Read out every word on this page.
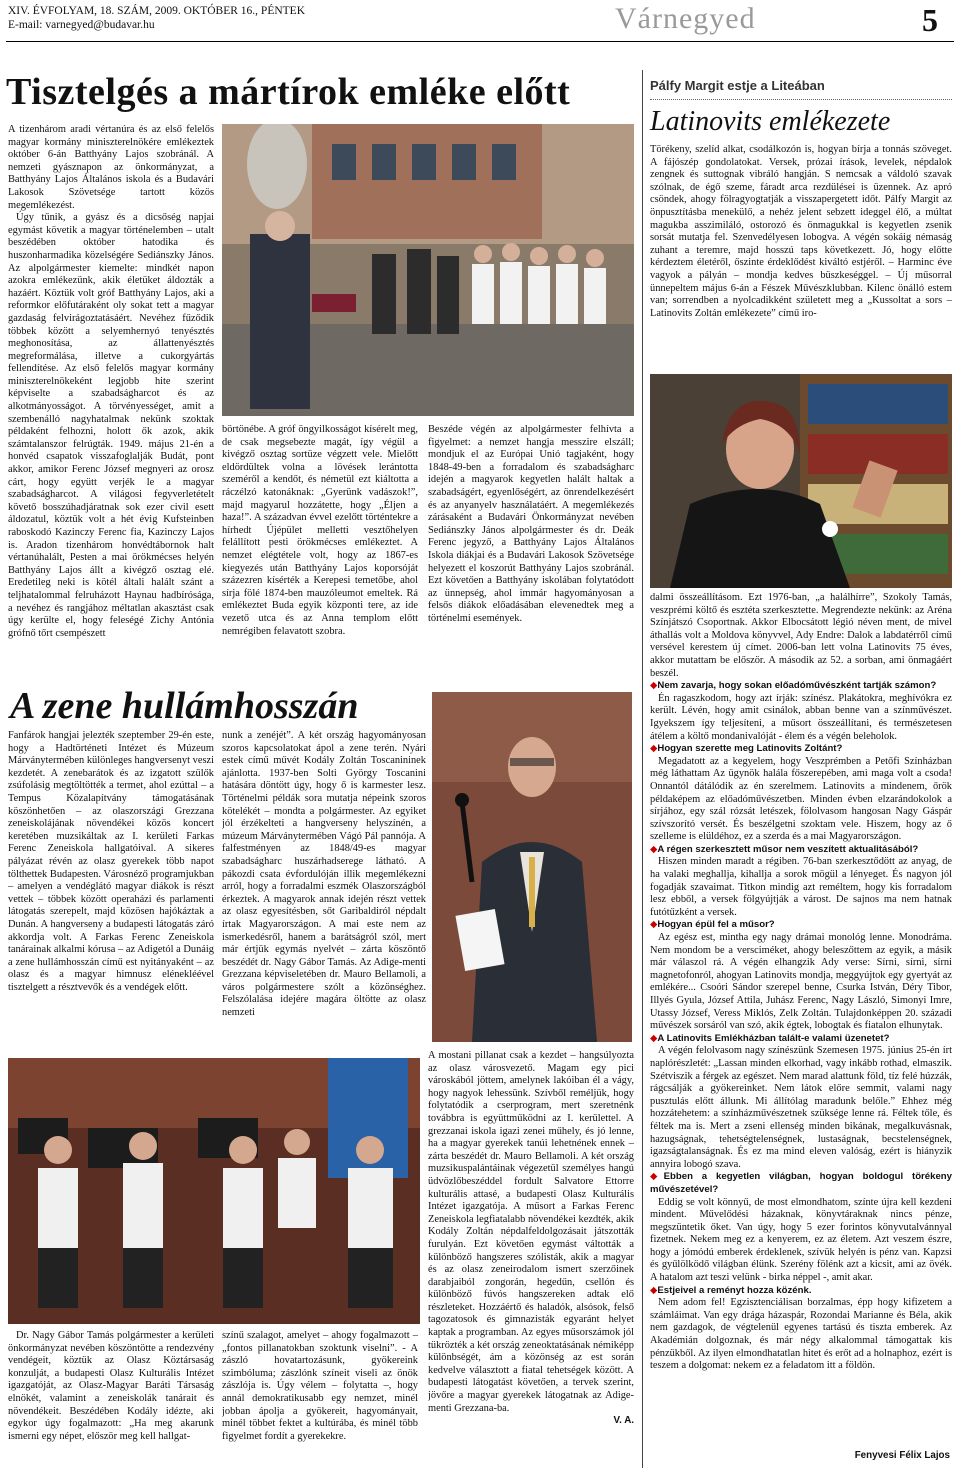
XIV. ÉVFOLYAM, 18. SZÁM, 2009. OKTÓBER 16., PÉNTEK
E-mail: varnegyed@budavar.hu	Várnegyed	5
Tisztelgés a mártírok emléke előtt

A tizenhárom aradi vértanúra és az első felelős magyar kormány miniszterelnökére emlékeztek október 6-án Batthyány Lajos szobránál. A nemzeti gyásznapon az önkormányzat, a Batthyány Lajos Általános iskola és a Budavári Lakosok Szövetsége tartott közös megemlékezést.

Úgy tűnik, a gyász és a dicsőség napjai egymást követik a magyar történelemben – utalt beszédében október hatodika és huszonharmadika közelségére Sediánszky János. Az alpolgármester kiemelte: mindkét napon azokra emlékezünk, akik életüket áldozták a hazáért. Köztük volt gróf Batthyány Lajos, aki a reformkor előfutáraként oly sokat tett a magyar gazdaság felvirágoztatásáért. Nevéhez fűződik többek között a selyemhernyó tenyésztés meghonosítása, az állattenyésztés megreformálása, illetve a cukorgyártás fellendítése. Az első felelős magyar kormány miniszterelnökeként legjobb hite szerint képviselte a szabadságharcot és az alkotmányosságot. A törvényességet, amit a szembenálló nagyhatalmak nekünk szoktak példaként felhozni, holott ők azok, akik számtalanszor felrúgták. 1949. május 21-én a honvéd csapatok visszafoglalják Budát, pont akkor, amikor Ferenc József megnyeri az orosz cárt, hogy együtt verjék le a magyar szabadságharcot. A világosi fegyverletételt követő bosszúhadjáratnak sok ezer civil esett áldozatul, köztük volt a hét évig Kufsteinben raboskodó Kazinczy Ferenc fia, Kazinczy Lajos is. Aradon tizenhárom honvédtábornok halt vértanúhalált, Pesten a mai örökmécses helyén Batthyány Lajos állt a kivégző osztag elé. Eredetileg neki is kötél általi halált szánt a teljhatalommal felruházott Haynau hadbírósága, a nevéhez és rangjához méltatlan akasztást csak úgy kerülte el, hogy feleségé Zichy Antónia grófnő tőrt csempészett

börtönébe. A gróf öngyilkosságot kísérelt meg, de csak megsebezte magát, így végül a kivégző osztag sortüze végzett vele. Mielőtt eldördültek volna a lövések lerántotta szeméről a kendőt, és németül ezt kiáltotta a ráczélzó katonáknak: „Gyerünk vadászok!”, majd magyarul hozzátette, hogy „Éljen a haza!”. A századvan évvel ezelőtt történtekre a hírhedt Újépület melletti vesztőhelyen felállított pesti örökmécses emlékeztet. A nemzet elégtétele volt, hogy az 1867-es kiegyezés után Batthyány Lajos koporsóját százezren kísérték a Kerepesi temetőbe, ahol sírja fölé 1874-ben mauzóleumot emeltek. Rá emlékeztet Buda egyik központi tere, az ide vezető utca és az Anna templom előtt nemrégiben felavatott szobra.

Beszéde végén az alpolgármester felhívta a figyelmet: a nemzet hangja messzire elszáll; mondjuk el az Európai Unió tagjaként, hogy 1848-49-ben a forradalom és szabadságharc idején a magyarok kegyetlen halált haltak a szabadságért, egyenlőségért, az önrendelkezésért és az anyanyelv használatáért. A megemlékezés zárásaként a Budavári Önkormányzat nevében Sediánszky János alpolgármester és dr. Deák Ferenc jegyző, a Batthyány Lajos Általános Iskola diákjai és a Budavári Lakosok Szövetsége helyezett el koszorút Batthyány Lajos szobránál. Ezt követően a Batthyány iskolában folytatódott az ünnepség, ahol immár hagyományosan a felsős diákok előadásában elevenedtek meg a történelmi események.

A zene hullámhosszán

Fanfárok hangjai jelezték szeptember 29-én este, hogy a Hadtörténeti Intézet és Múzeum Márványtermében különleges hangversenyt veszi kezdetét. A zenebarátok és az izgatott szülők zsúfolásig megtöltötték a termet, ahol ezúttal – a Tempus Közalapítvány támogatásának köszönhetően – az olaszországi Grezzana zeneiskolájának növendékei közös koncert keretében muzsikáltak az I. kerületi Farkas Ferenc Zeneiskola hallgatóival. A sikeres pályázat révén az olasz gyerekek több napot tölthettek Budapesten. Városnéző programjukban – amelyen a vendéglátó magyar diákok is részt vettek – többek között operaházi és parlamenti látogatás szerepelt, majd közösen hajókáztak a Dunán. A hangverseny a budapesti látogatás záró akkordja volt. A Farkas Ferenc Zeneiskola tanárainak alkalmi kórusa – az Adigetól a Dunáig a zene hullámhosszán című est nyitányaként – az olasz és a magyar himnusz elénekléével tisztelgett a résztvevők és a vendégek előtt.

nunk a zenéjét”. A két ország hagyományosan szoros kapcsolatokat ápol a zene terén. Nyári estek című művét Kodály Zoltán Toscanininek ajánlotta. 1937-ben Solti György Toscanini hatására döntött úgy, hogy ő is karmester lesz. Történelmi példák sora mutatja népeink szoros kötelékét – mondta a polgármester. Az egyiket jól érzékelteti a hangverseny helyszínén, a múzeum Márványtermében Vágó Pál pannója. A falfestményen az 1848/49-es magyar szabadságharc huszárhadserege látható. A pákozdi csata évfordulóján illik megemlékezni arról, hogy a forradalmi eszmék Olaszországból érkeztek. A magyarok annak idején részt vettek az olasz egyesítésben, sőt Garibaldiról népdalt írtak Magyarországon. A mai este nem az ismerkedésről, hanem a barátságról szól, mert már értjük egymás nyelvét – zárta köszöntő beszédét dr. Nagy Gábor Tamás. Az Adige-menti Grezzana képviseletében dr. Mauro Bellamoli, a város polgármestere szólt a közönséghez. Felszólalása idejére magára öltötte az olasz nemzeti

Dr. Nagy Gábor Tamás polgármester a kerületi önkormányzat nevében köszöntötte a rendezvény vendégeit, köztük az Olasz Köztársaság konzulját, a budapesti Olasz Kulturális Intézet igazgatóját, az Olasz-Magyar Baráti Társaság elnökét, valamint a zeneiskolák tanárait és növendékeit. Beszédében Kodály idézte, aki egykor úgy fogalmazott: „Ha meg akarunk ismerni egy népet, először meg kell hallgat-

színű szalagot, amelyet – ahogy fogalmazott – „fontos pillanatokban szoktunk viselni”. - A zászló hovatartozásunk, gyökereink szimbóluma; zászlónk színeit viseli az önök zászlója is. Úgy vélem – folytatta –, hogy annál demokratikusabb egy nemzet, minél jobban ápolja a gyökereit, hagyományait, minél többet fektet a kultúrába, és minél több figyelmet fordít a gyerekekre.

A mostani pillanat csak a kezdet – hangsúlyozta az olasz városvezető. Magam egy pici városkából jöttem, amelynek lakóiban él a vágy, hogy nagyok lehessünk. Szívből reméljük, hogy folytatódik a cserprogram, mert szeretnénk továbbra is együttműködni az I. kerülettel. A grezzanai iskola igazi zenei műhely, és jó lenne, ha a magyar gyerekek tanúi lehetnének ennek – zárta beszédét dr. Mauro Bellamoli. A két ország muzsikuspalántáinak végezetül személyes hangú üdvözlőbeszéddel fordult Salvatore Ettorre kulturális attasé, a budapesti Olasz Kulturális Intézet igazgatója. A műsort a Farkas Ferenc Zeneiskola legfiatalabb növendékei kezdték, akik Kodály Zoltán népdalfeldolgozásait játszották furulyán. Ezt követően egymást váltották a különböző hangszeres szólisták, akik a magyar és az olasz zeneirodalom ismert szerzőinek darabjaiból zongorán, hegedűn, csellón és különböző fúvós hangszereken adtak elő részleteket. Hozzáértő és haladók, alsósok, felső tagozatosok és gimnazisták egyaránt helyet kaptak a programban. Az egyes műsorszámok jól tükrözték a két ország zeneoktatásának némiképp különbségét, ám a közönség az est során kedvelve választott a fiatal tehetségek között. A budapesti látogatást követően, a tervek szerint, jövőre a magyar gyerekek látogatnak az Adige-menti Grezzana-ba.

V. A.
Pálfy Margit estje a Liteában
Latinovits emlékezete

Törékeny, szelíd alkat, csodálkozón is, hogyan bírja a tonnás szöveget. A fájószép gondolatokat. Versek, prózai írások, levelek, népdalok zengnek és suttognak vibráló hangján. S nemcsak a váldoló szavak szólnak, de égő szeme, fáradt arca rezdülései is üzennek. Az apró csöndek, ahogy fölragyogtatják a visszapergetett időt. Pálfy Margit az önpusztításba menekülő, a nehéz jelent sebzett ideggel élő, a múltat magukba asszimiláló, ostorozó és önmagukkal is kegyetlen zsenik sorsát mutatja fel. Szenvedélyesen lobogva. A végén sokáig némaság zuhant a teremre, majd hosszú taps következett. Jó, hogy előtte kérdeztem életéről, őszinte érdeklődést kiváltó estjéről. – Harminc éve vagyok a pályán – mondja kedves büszkeséggel. – Új műsorral ünnepeltem május 6-án a Fészek Művészklubban. Kilenc önálló estem van; sorrendben a nyolcadikként született meg a „Kussoltat a sors – Latinovits Zoltán emlékezete” című iro-

dalmi összeállításom. Ezt 1976-ban, „a halálhírre”, Szokoly Tamás, veszprémi költő és esztéta szerkesztette. Megrendezte nekünk: az Aréna Színjátszó Csoportnak. Akkor Elbocsátott légió néven ment, de mivel áthallás volt a Moldova könyvvel, Ady Endre: Dalok a labdatérről című versével kerestem új címet. 2006-ban lett volna Latinovits 75 éves, akkor mutattam be először. A második az 52. a sorban, ami önmagáért beszél.

◆ Nem zavarja, hogy sokan előadóművészként tartják számon?

Én ragaszkodom, hogy azt írják: színész. Plakátokra, meghívókra ez került. Lévén, hogy amit csinálok, abban benne van a színművészet. Igyekszem így teljesíteni, a műsort összeállítani, és természetesen átélem a költő mondanivalóját - élem és a végén beleholok.

◆ Hogyan szerette meg Latinovits Zoltánt?

Megadatott az a kegyelem, hogy Veszprémben a Petőfi Színházban még láthattam Az ügynök halála főszerepében, ami maga volt a csoda! Onnantól dátálódik az én szerelmem. Latinovits a mindenem, őrök példaképem az előadóművészetben. Minden évben elzarándokolok a sírjához, egy szál rózsát letészek, fölolvasom hangosan Nagy Gáspár szívszorító versét. És beszélgetni szoktam vele. Hiszem, hogy az ő szelleme is elüldéhoz, ez a szerda és a mai Magyarországon.

◆ A régen szerkesztett műsor nem veszített aktualitásából?

Hiszen minden maradt a régiben. 76-ban szerkesztődött az anyag, de ha valaki meghallja, kihallja a sorok mögül a lényeget. És nagyon jól fogadják szavaimat. Titkon mindig azt reméltem, hogy kis forradalom lesz ebből, a versek fölgyújtják a várost. De sajnos ma nem hatnak futótűzként a versek.

◆ Hogyan épül fel a műsor?

Az egész est, mintha egy nagy drámai monológ lenne. Monodráma. Nem mondom be a versciméket, ahogy beleszőttem az egyik, a másik már válaszol rá. A végén elhangzik Ady verse: Sírni, sírni, sírni magnetofonról, ahogyan Latinovits mondja, meggyújtok egy gyertyát az emlékére... Csoóri Sándor szerepel benne, Csurka István, Déry Tibor, Illyés Gyula, József Attila, Juhász Ferenc, Nagy László, Simonyi Imre, Utassy József, Veress Miklós, Zelk Zoltán. Tulajdonképpen 20. századi művészek sorsáról van szó, akik égtek, lobogtak és fiatalon elhunytak.

◆ A Latinovits Emlékházban talált-e valami üzenetet?

A végén felolvasom nagy színészünk Szemesen 1975. június 25-én írt naplórészletét: „Lassan minden elkorhad, vagy inkább rothad, elmaszik. Szétviszik a férgek az egészet. Nem marad alattunk föld, tíz felé húzzák, rágcsálják a gyökereinket. Nem látok előre semmit, valami nagy pusztulás előtt állunk. Mi állítólag maradunk belőle.” Ehhez még hozzátehetem: a színházművészetnek szüksége lenne rá. Féltek tőle, és féltek ma is. Mert a zseni ellenség minden bikának, megalkuvásnak, hazugságnak, tehetségtelenségnek, lustaságnak, becstelenségnek, igazságtalanságnak. És ez ma mind eleven valóság, ezért is hiányzik annyira lobogó szava.

◆ Ebben a kegyetlen világban, hogyan boldogul törékeny művészetével?

Eddig se volt könnyű, de most elmondhatom, színte újra kell kezdeni mindent. Művelődési házaknak, könyvtáraknak nincs pénze, megszüntetik őket. Van úgy, hogy 5 ezer forintos könyvutalvánnyal fizetnek. Nekem meg ez a kenyerem, ez az életem. Azt veszem észre, hogy a jómódú emberek érdeklenek, szívük helyén is pénz van. Kapzsi és gyűlölködő világban élünk. Szerény fölénk azt a kicsit, ami az övék. A hatalom azt teszi velünk - birka néppel -, amit akar.

◆ Estjeivel a reményt hozza közénk.

Nem adom fel! Egzisztenciálisan borzalmas, épp hogy kifizetem a számláimat. Van egy drága házaspár, Rozondai Marianne és Béla, akik nem gazdagok, de végtelenül egyenes tartású és tiszta emberek. Az Akadémián dolgoznak, és már négy alkalommal támogattak kis pénzükből. Az ilyen elmondhatatlan hitet és erőt ad a holnaphoz, ezért is teszem a dolgomat: nekem ez a feladatom itt a földön.

Fenyvesi Félix Lajos
